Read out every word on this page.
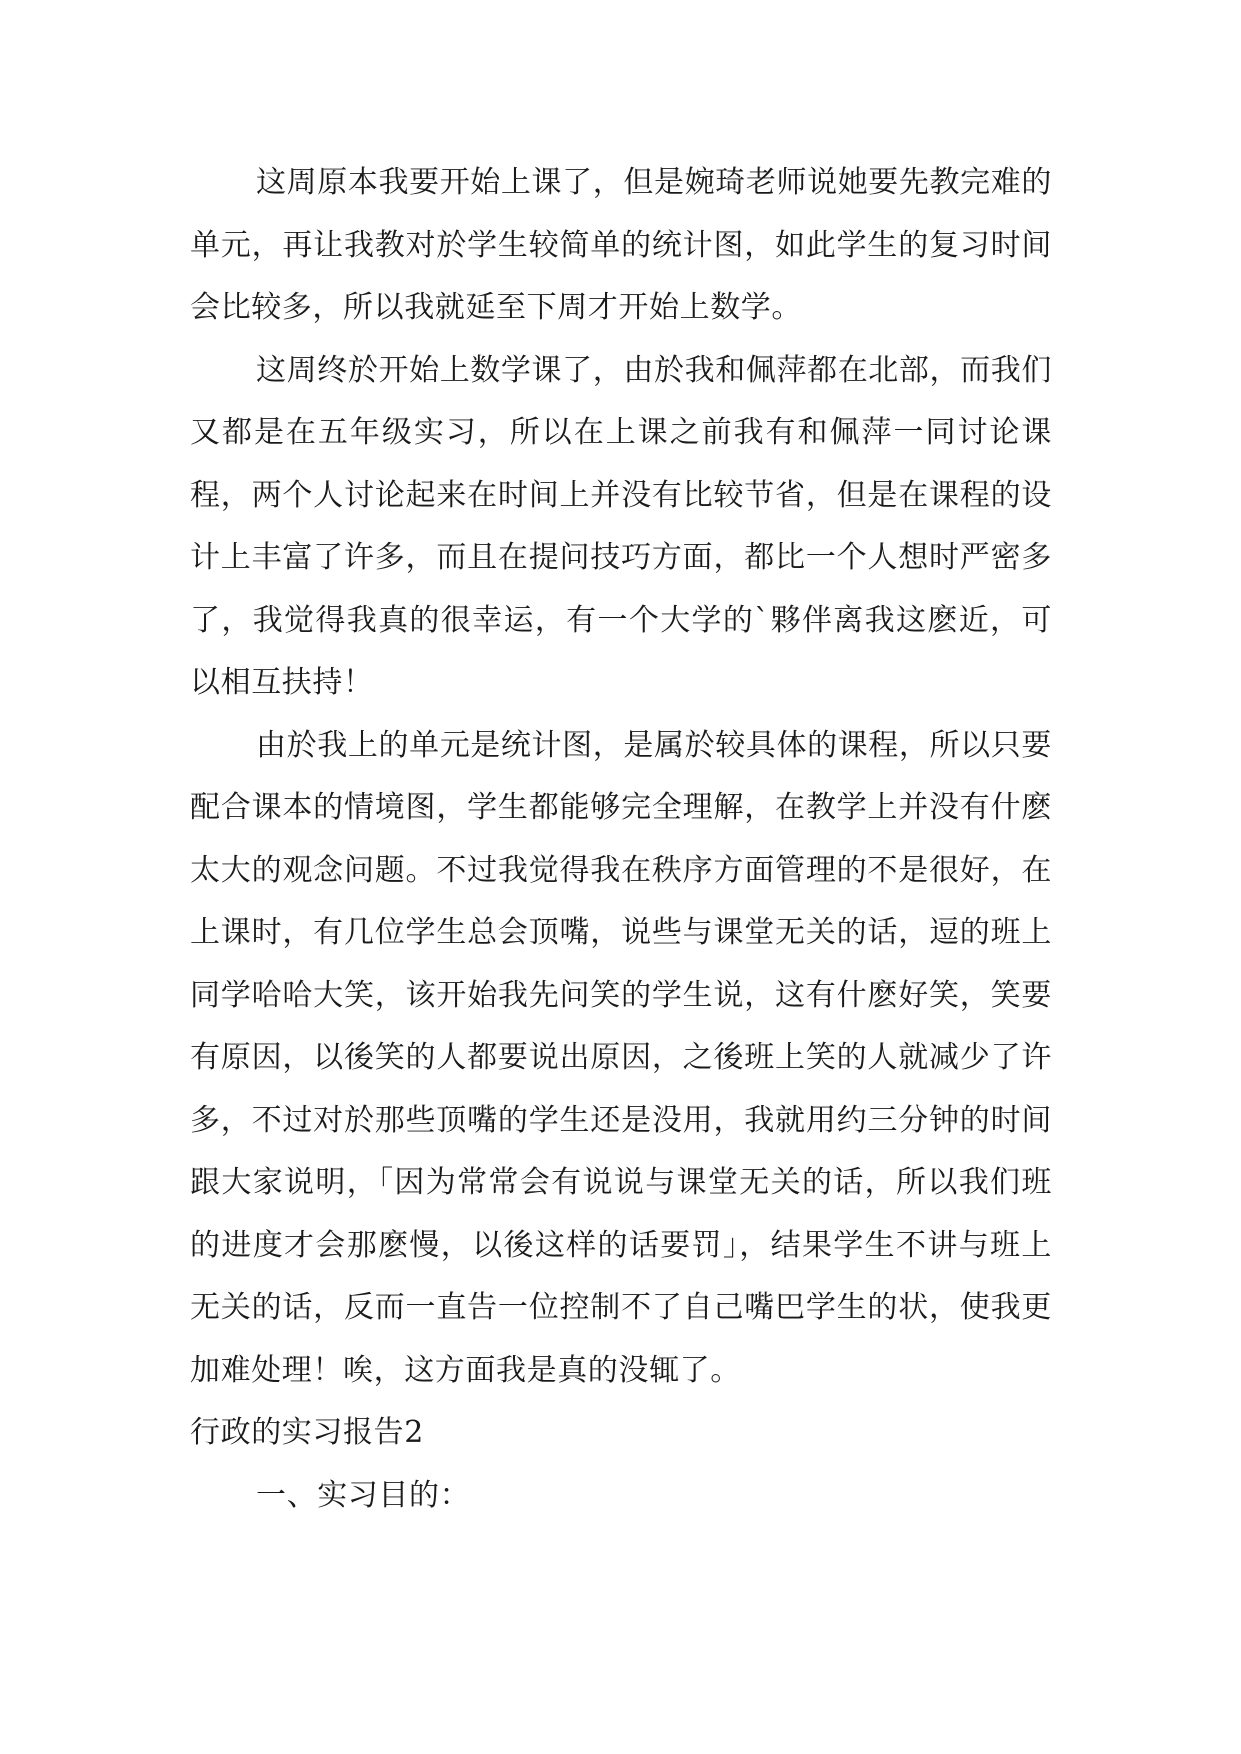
这周原本我要开始上课了，但是婉琦老师说她要先教完难的单元，再让我教对於学生较简单的统计图，如此学生的复习时间会比较多，所以我就延至下周才开始上数学。

这周终於开始上数学课了，由於我和佩萍都在北部，而我们又都是在五年级实习，所以在上课之前我有和佩萍一同讨论课程，两个人讨论起来在时间上并没有比较节省，但是在课程的设计上丰富了许多，而且在提问技巧方面，都比一个人想时严密多了，我觉得我真的很幸运，有一个大学的`夥伴离我这麽近，可以相互扶持！

由於我上的单元是统计图，是属於较具体的课程，所以只要配合课本的情境图，学生都能够完全理解，在教学上并没有什麽太大的观念问题。不过我觉得我在秩序方面管理的不是很好，在上课时，有几位学生总会顶嘴，说些与课堂无关的话，逗的班上同学哈哈大笑，该开始我先问笑的学生说，这有什麽好笑，笑要有原因，以後笑的人都要说出原因，之後班上笑的人就减少了许多，不过对於那些顶嘴的学生还是没用，我就用约三分钟的时间跟大家说明，「因为常常会有说说与课堂无关的话，所以我们班的进度才会那麽慢，以後这样的话要罚」，结果学生不讲与班上无关的话，反而一直告一位控制不了自己嘴巴学生的状，使我更加难处理！唉，这方面我是真的没辄了。

行政的实习报告2

一、实习目的：
